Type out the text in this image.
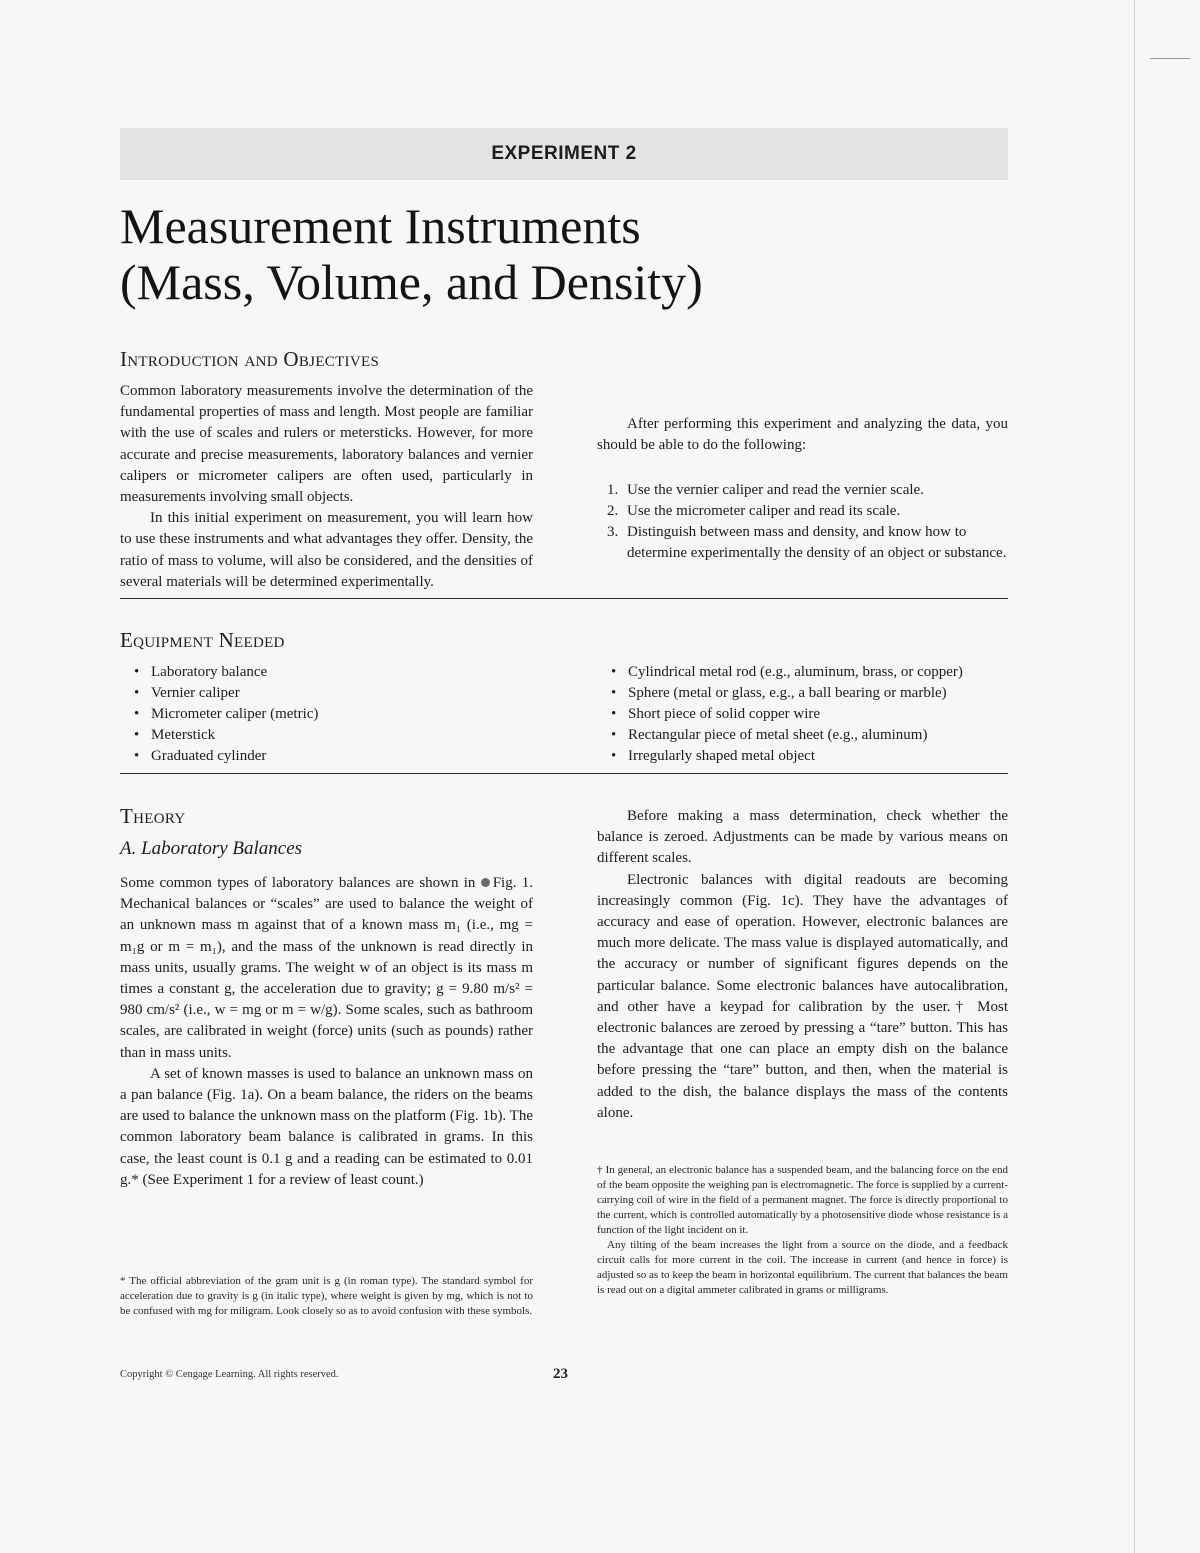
EXPERIMENT 2
Measurement Instruments
(Mass, Volume, and Density)
Introduction and Objectives

Common laboratory measurements involve the determination of the fundamental properties of mass and length. Most people are familiar with the use of scales and rulers or metersticks. However, for more accurate and precise measurements, laboratory balances and vernier calipers or micrometer calipers are often used, particularly in measurements involving small objects.

In this initial experiment on measurement, you will learn how to use these instruments and what advantages they offer. Density, the ratio of mass to volume, will also be considered, and the densities of several materials will be determined experimentally.

After performing this experiment and analyzing the data, you should be able to do the following:

1. Use the vernier caliper and read the vernier scale.
2. Use the micrometer caliper and read its scale.
3. Distinguish between mass and density, and know how to determine experimentally the density of an object or substance.
Equipment Needed
• Laboratory balance
• Vernier caliper
• Micrometer caliper (metric)
• Meterstick
• Graduated cylinder
• Cylindrical metal rod (e.g., aluminum, brass, or copper)
• Sphere (metal or glass, e.g., a ball bearing or marble)
• Short piece of solid copper wire
• Rectangular piece of metal sheet (e.g., aluminum)
• Irregularly shaped metal object
Theory
A. Laboratory Balances

Some common types of laboratory balances are shown in Fig. 1. Mechanical balances or “scales” are used to balance the weight of an unknown mass m against that of a known mass m₁ (i.e., mg = m₁g or m = m₁), and the mass of the unknown is read directly in mass units, usually grams. The weight w of an object is its mass m times a constant g, the acceleration due to gravity; g = 9.80 m/s² = 980 cm/s² (i.e., w = mg or m = w/g). Some scales, such as bathroom scales, are calibrated in weight (force) units (such as pounds) rather than in mass units.

A set of known masses is used to balance an unknown mass on a pan balance (Fig. 1a). On a beam balance, the riders on the beams are used to balance the unknown mass on the platform (Fig. 1b). The common laboratory beam balance is calibrated in grams. In this case, the least count is 0.1 g and a reading can be estimated to 0.01 g.* (See Experiment 1 for a review of least count.)

Before making a mass determination, check whether the balance is zeroed. Adjustments can be made by various means on different scales.

Electronic balances with digital readouts are becoming increasingly common (Fig. 1c). They have the advantages of accuracy and ease of operation. However, electronic balances are much more delicate. The mass value is displayed automatically, and the accuracy or number of significant figures depends on the particular balance. Some electronic balances have autocalibration, and other have a keypad for calibration by the user.† Most electronic balances are zeroed by pressing a “tare” button. This has the advantage that one can place an empty dish on the balance before pressing the “tare” button, and then, when the material is added to the dish, the balance displays the mass of the contents alone.

* The official abbreviation of the gram unit is g (in roman type). The standard symbol for acceleration due to gravity is g (in italic type), where weight is given by mg, which is not to be confused with mg for miligram. Look closely so as to avoid confusion with these symbols.

† In general, an electronic balance has a suspended beam, and the balancing force on the end of the beam opposite the weighing pan is electromagnetic. The force is supplied by a current-carrying coil of wire in the field of a permanent magnet. The force is directly proportional to the current, which is controlled automatically by a photosensitive diode whose resistance is a function of the light incident on it.

Any tilting of the beam increases the light from a source on the diode, and a feedback circuit calls for more current in the coil. The increase in current (and hence in force) is adjusted so as to keep the beam in horizontal equilibrium. The current that balances the beam is read out on a digital ammeter calibrated in grams or milligrams.

Copyright © Cengage Learning. All rights reserved.	23
